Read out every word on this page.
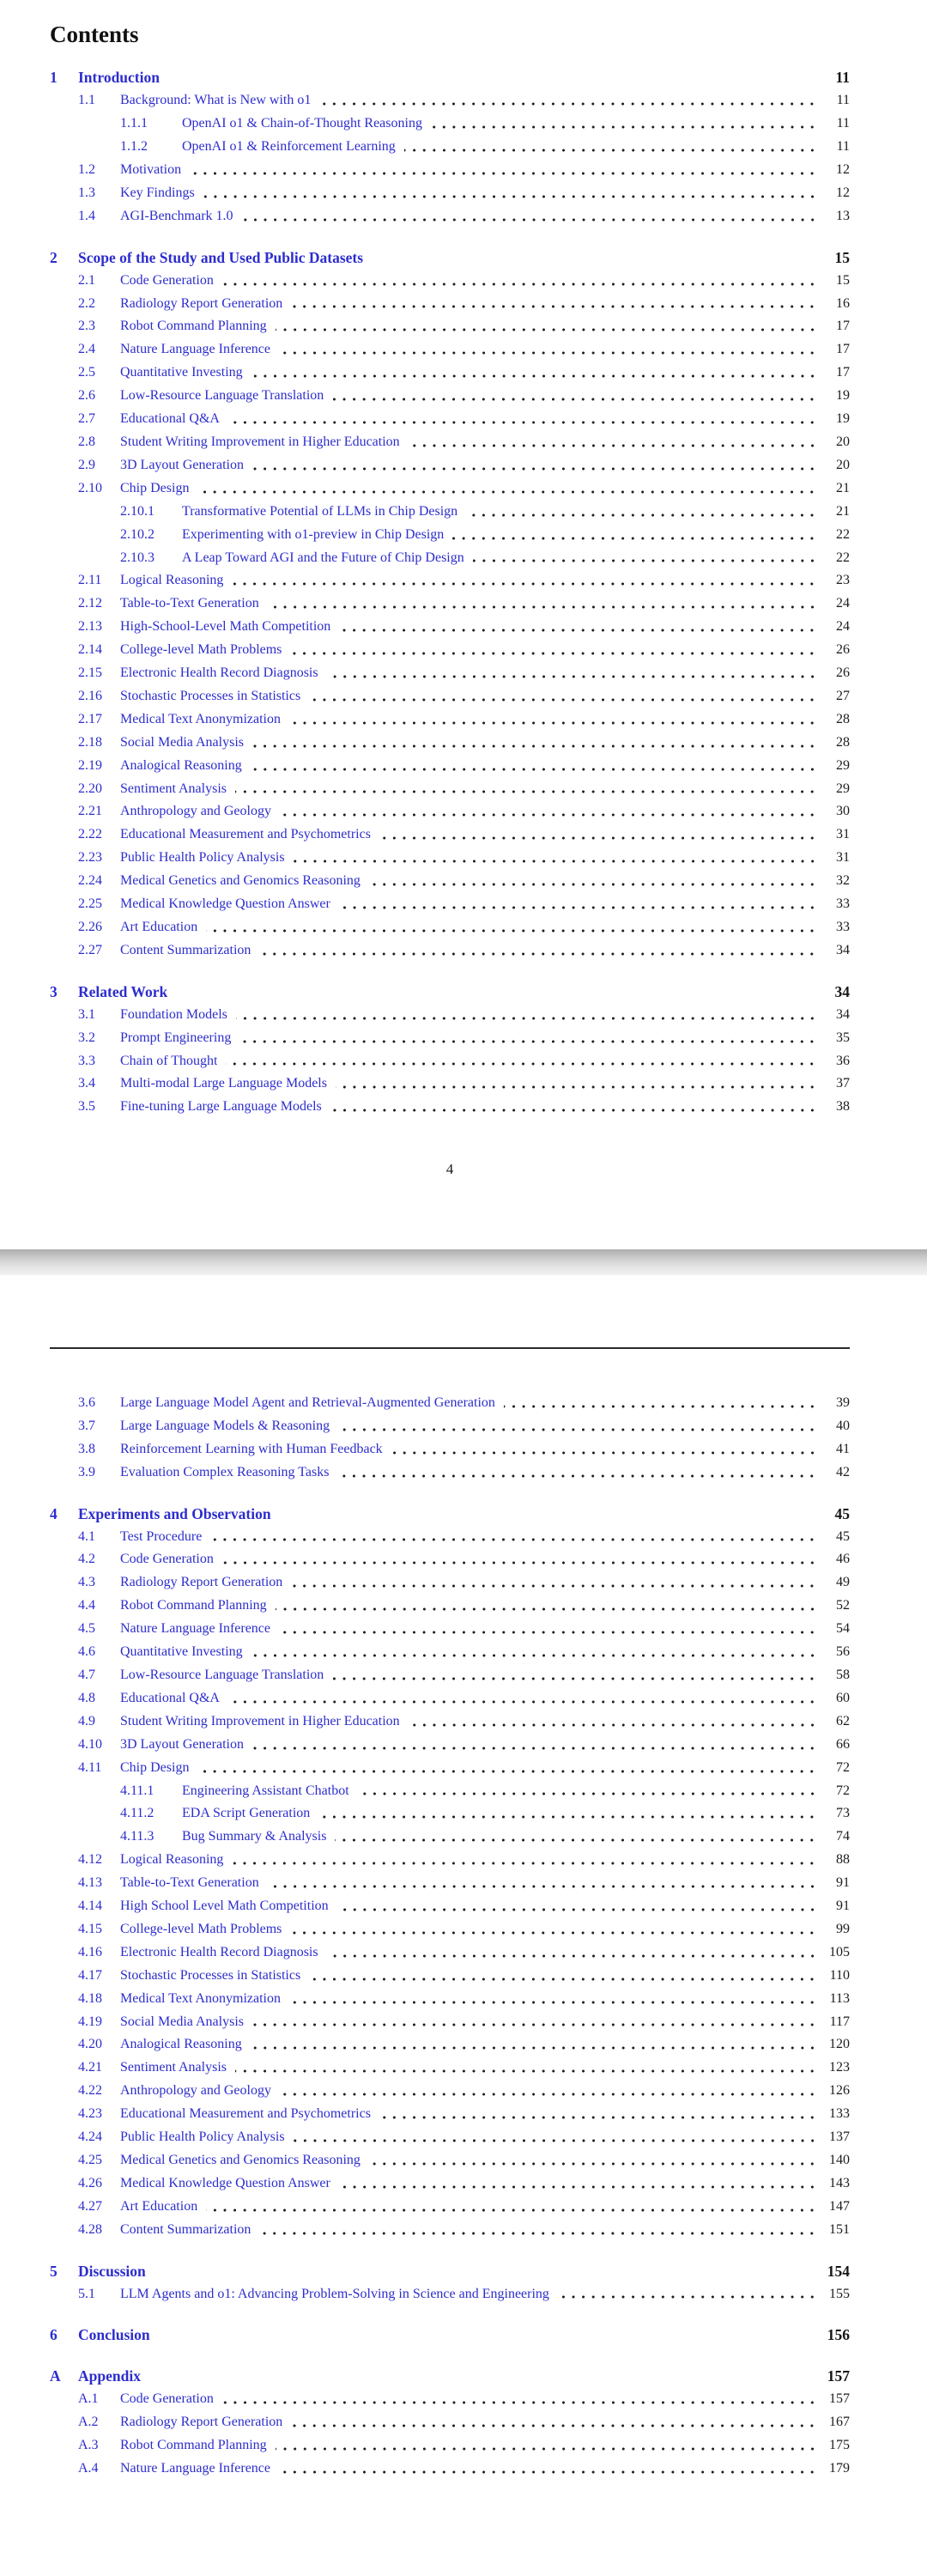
Contents
1	Introduction	11
1.1	Background: What is New with o1	11
1.1.1	OpenAI o1 & Chain-of-Thought Reasoning	11
1.1.2	OpenAI o1 & Reinforcement Learning	11
1.2	Motivation	12
1.3	Key Findings	12
1.4	AGI-Benchmark 1.0	13
2	Scope of the Study and Used Public Datasets	15
2.1	Code Generation	15
2.2	Radiology Report Generation	16
2.3	Robot Command Planning	17
2.4	Nature Language Inference	17
2.5	Quantitative Investing	17
2.6	Low-Resource Language Translation	19
2.7	Educational Q&A	19
2.8	Student Writing Improvement in Higher Education	20
2.9	3D Layout Generation	20
2.10	Chip Design	21
2.10.1	Transformative Potential of LLMs in Chip Design	21
2.10.2	Experimenting with o1-preview in Chip Design	22
2.10.3	A Leap Toward AGI and the Future of Chip Design	22
2.11	Logical Reasoning	23
2.12	Table-to-Text Generation	24
2.13	High-School-Level Math Competition	24
2.14	College-level Math Problems	26
2.15	Electronic Health Record Diagnosis	26
2.16	Stochastic Processes in Statistics	27
2.17	Medical Text Anonymization	28
2.18	Social Media Analysis	28
2.19	Analogical Reasoning	29
2.20	Sentiment Analysis	29
2.21	Anthropology and Geology	30
2.22	Educational Measurement and Psychometrics	31
2.23	Public Health Policy Analysis	31
2.24	Medical Genetics and Genomics Reasoning	32
2.25	Medical Knowledge Question Answer	33
2.26	Art Education	33
2.27	Content Summarization	34
3	Related Work	34
3.1	Foundation Models	34
3.2	Prompt Engineering	35
3.3	Chain of Thought	36
3.4	Multi-modal Large Language Models	37
3.5	Fine-tuning Large Language Models	38
4
3.6	Large Language Model Agent and Retrieval-Augmented Generation	39
3.7	Large Language Models & Reasoning	40
3.8	Reinforcement Learning with Human Feedback	41
3.9	Evaluation Complex Reasoning Tasks	42
4	Experiments and Observation	45
4.1	Test Procedure	45
4.2	Code Generation	46
4.3	Radiology Report Generation	49
4.4	Robot Command Planning	52
4.5	Nature Language Inference	54
4.6	Quantitative Investing	56
4.7	Low-Resource Language Translation	58
4.8	Educational Q&A	60
4.9	Student Writing Improvement in Higher Education	62
4.10	3D Layout Generation	66
4.11	Chip Design	72
4.11.1	Engineering Assistant Chatbot	72
4.11.2	EDA Script Generation	73
4.11.3	Bug Summary & Analysis	74
4.12	Logical Reasoning	88
4.13	Table-to-Text Generation	91
4.14	High School Level Math Competition	91
4.15	College-level Math Problems	99
4.16	Electronic Health Record Diagnosis	105
4.17	Stochastic Processes in Statistics	110
4.18	Medical Text Anonymization	113
4.19	Social Media Analysis	117
4.20	Analogical Reasoning	120
4.21	Sentiment Analysis	123
4.22	Anthropology and Geology	126
4.23	Educational Measurement and Psychometrics	133
4.24	Public Health Policy Analysis	137
4.25	Medical Genetics and Genomics Reasoning	140
4.26	Medical Knowledge Question Answer	143
4.27	Art Education	147
4.28	Content Summarization	151
5	Discussion	154
5.1	LLM Agents and o1: Advancing Problem-Solving in Science and Engineering	155
6	Conclusion	156
A	Appendix	157
A.1	Code Generation	157
A.2	Radiology Report Generation	167
A.3	Robot Command Planning	175
A.4	Nature Language Inference	179
